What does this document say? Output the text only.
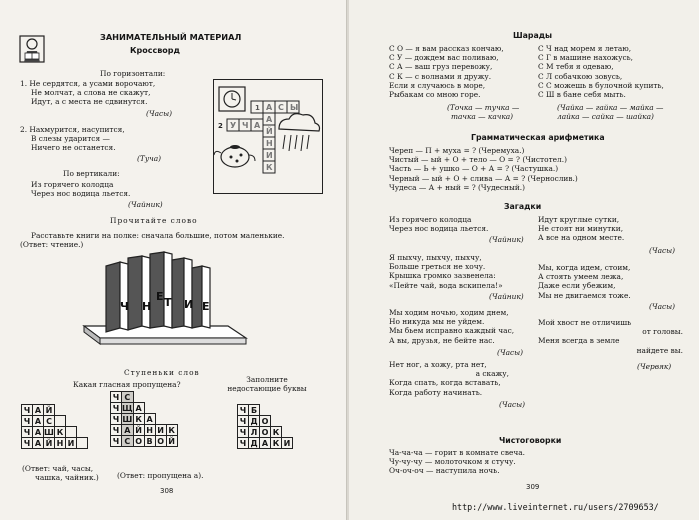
ЗАНИМАТЕЛЬНЫЙ МАТЕРИАЛ
Кроссворд
По горизонтали:
1. Не сердятся, а усами ворочают,
Не молчат, а слова не скажут,
Идут, а с места не сдвинутся.
(Часы)
2. Нахмурится, насупится,
В слезы ударится —
Ничего не останется.
(Туча)
По вертикали:
Из горячего колодца
Через нос водица льется.
(Чайник)
1 А С Ы
А
Й
Н
И
К
2 У Ч А
Прочитайте слово
Расставьте книги на полке: сначала большие, потом маленькие.
(Ответ: чтение.)
Ч Н Т И Е
Е
Ступеньки слов
Какая гласная пропущена?
Заполните
недостающие буквы
Ч	А	Й			
Ч	А	С			
Ч	А	Ш	К		
Ч	А	Й	Н	И	
Ч	С				
Ч	Щ	А			
Ч	Ш	К	А		
Ч	А	Й	Н	И	К
Ч	С	О	В	О	Й
Ч	Б			
Ч	Д	О		
Ч	Л	О	К	
Ч	Д	А	К	И
(Ответ: чай, часы,
чашка, чайник.) (Ответ: пропущена а).
308
Шарады
С О — я вам рассказ кончаю,
С У — дождем вас поливаю,
С А — ваш груз перевожу,
С К — с волнами я дружу.
Если я случаюсь в море,
Рыбакам со мною горе.
(Точка — тучка —
тачка — качка)
С Ч над морем я летаю,
С Г в машине нахожусь,
С М тебя я одеваю,
С Л собачкою зовусь,
С С можешь в булочной купить,
С Ш в бане себя мыть.
(Чайка — гайка — майка —
лайка — сайка — шайка)
Грамматическая арифметика
Череп — П + муха = ? (Черемуха.)
Чистый — ый + О + тело — О = ? (Чистотел.)
Часть — Ь + ушко — О + А = ? (Частушка.)
Черный — ый + О + слива — А = ? (Чернослив.)
Чудеса — А + ный = ? (Чудесный.)
Загадки
Из горячего колодца
Через нос водица льется.
(Чайник)
Идут круглые сутки,
Не стоят ни минутки,
А все на одном месте.
(Часы)
Я пыхчу, пыхчу, пыхчу,
Больше греться не хочу.
Крышка громко зазвенела:
«Пейте чай, вода вскипела!»
(Чайник)
Мы, когда идем, стоим,
А стоять умеем лежа,
Даже если убежим,
Мы не двигаемся тоже.
(Часы)
Мы ходим ночью, ходим днем,
Но никуда мы не уйдем.
Мы бьем исправно каждый час,
А вы, друзья, не бейте нас.
(Часы)
Мой хвост не отличишь
от головы.
Меня всегда в земле
найдете вы.
(Червяк)
Нет ног, а хожу, рта нет,
а скажу,
Когда спать, когда вставать,
Когда работу начинать.
(Часы)
Чистоговорки
Ча-ча-ча — горит в комнате свеча.
Чу-чу-чу — молоточком я стучу.
Оч-оч-оч — наступила ночь.
309
http://www.liveinternet.ru/users/2709653/
